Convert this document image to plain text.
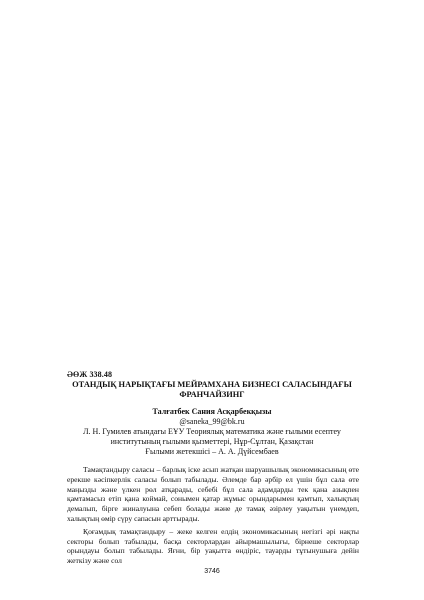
ӘӨЖ 338.48
ОТАНДЫҚ НАРЫҚТАҒЫ МЕЙРАМХАНА БИЗНЕСІ САЛАСЫНДАҒЫ
ФРАНЧАЙЗИНГ
Талғатбек Сания Асқарбекқызы
@saneka_99@bk.ru
Л. Н. Гумилев атындағы ЕҰУ Теориялық математика және ғылыми есептеу
институтының ғылыми қызметтері, Нұр-Сұлтан, Қазақстан
Ғылыми жетекшісі – А. А. Дүйсембаев

Тамақтандыру саласы – барлық іске асып жатқан шаруашылық экономикасының өте ерекше кәсіпкерлік саласы болып табылады. Әлемде бар әрбір ел үшін бұл сала өте маңызды және үлкен рөл атқарады, себебі бұл сала адамдарды тек қана азықпен қамтамасыз етіп қана коймай, сонымен қатар жұмыс орындарымен қамтып, халықтың демалып, бірге жиналуына себеп болады және де тамақ әзірлеу уақытын үнемдеп, халықтың өмір сүру сапасын арттырады.

Қоғамдық тамақтандыру – жеке келген елдің экономикасының негізгі әрі нақты секторы болып табылады, басқа секторлардан айырмашылығы, бірнеше секторлар орындауы болып табылады. Яғни, бір уақытта өндіріс, тауарды тұтынушыға дейін жеткізу және сол

3746
